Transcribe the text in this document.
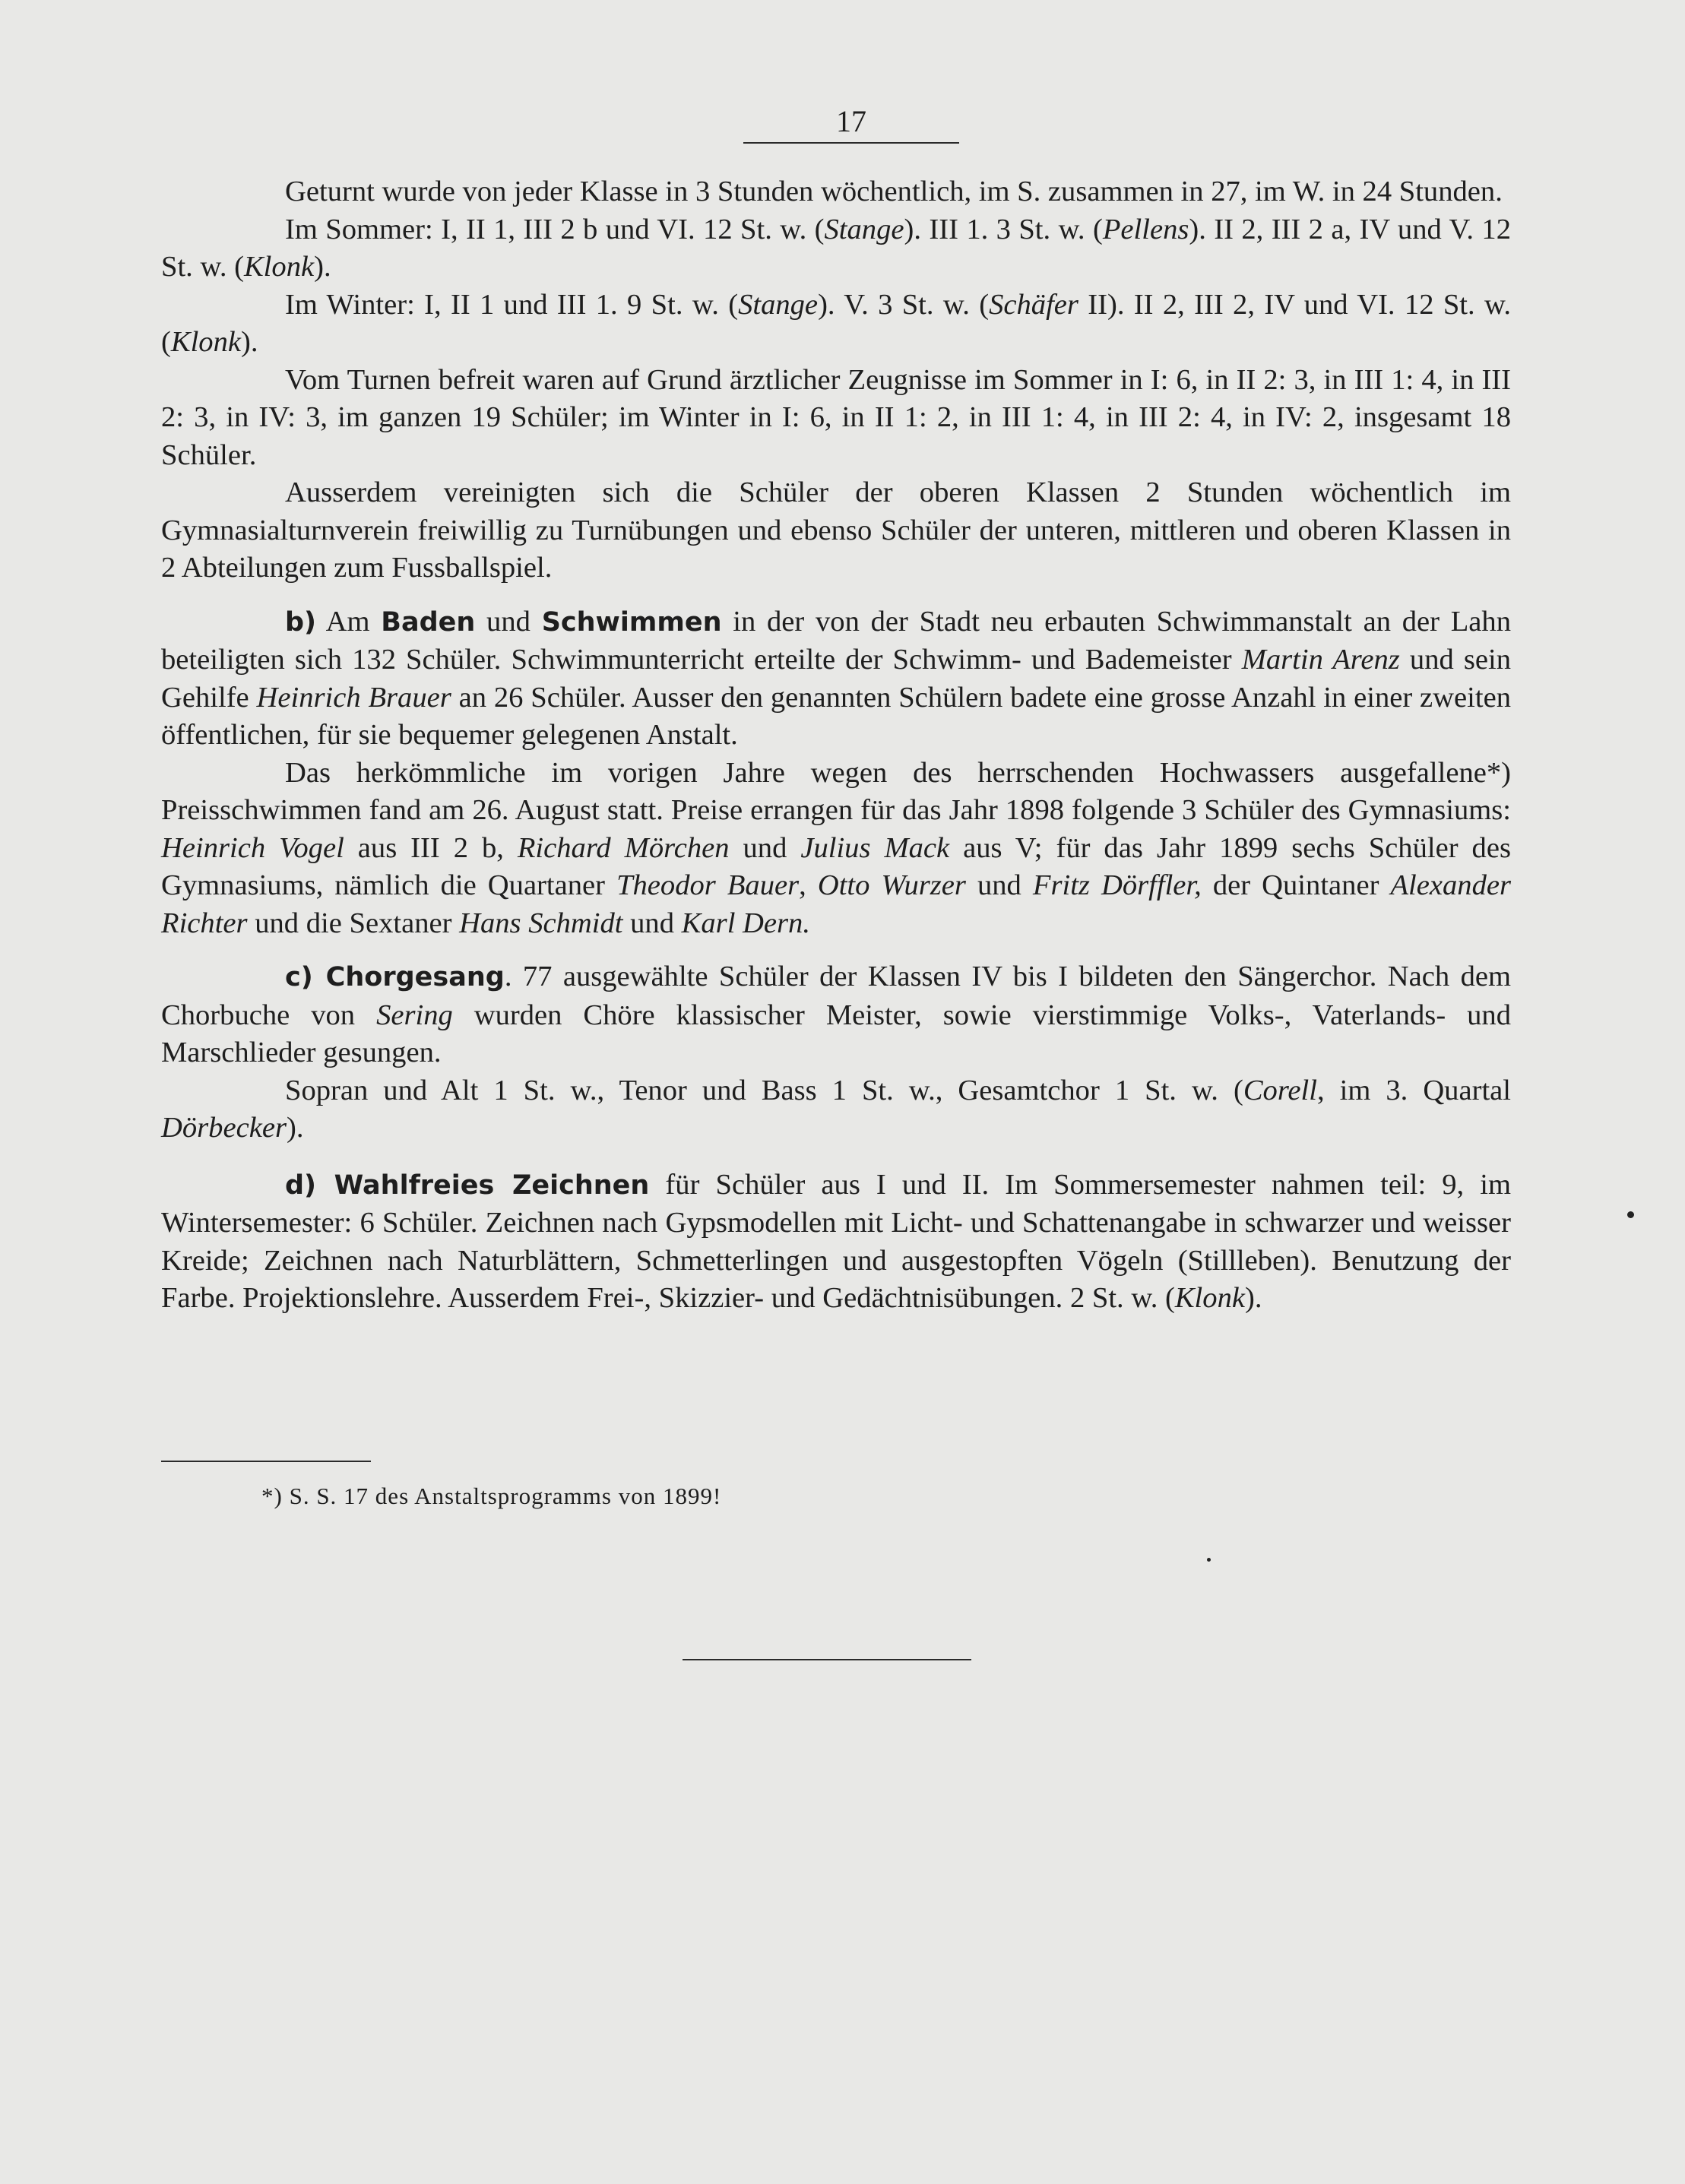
17

Geturnt wurde von jeder Klasse in 3 Stunden wöchentlich, im S. zusammen in 27, im W. in 24 Stunden.

Im Sommer: I, II 1, III 2 b und VI. 12 St. w. (Stange). III 1. 3 St. w. (Pellens). II 2, III 2 a, IV und V. 12 St. w. (Klonk).

Im Winter: I, II 1 und III 1. 9 St. w. (Stange). V. 3 St. w. (Schäfer II). II 2, III 2, IV und VI. 12 St. w. (Klonk).

Vom Turnen befreit waren auf Grund ärztlicher Zeugnisse im Sommer in I: 6, in II 2: 3, in III 1: 4, in III 2: 3, in IV: 3, im ganzen 19 Schüler; im Winter in I: 6, in II 1: 2, in III 1: 4, in III 2: 4, in IV: 2, insgesamt 18 Schüler.

Ausserdem vereinigten sich die Schüler der oberen Klassen 2 Stunden wöchentlich im Gymnasialturnverein freiwillig zu Turnübungen und ebenso Schüler der unteren, mittleren und oberen Klassen in 2 Abteilungen zum Fussballspiel.

b) Am Baden und Schwimmen in der von der Stadt neu erbauten Schwimmanstalt an der Lahn beteiligten sich 132 Schüler. Schwimmunterricht erteilte der Schwimm- und Bademeister Martin Arenz und sein Gehilfe Heinrich Brauer an 26 Schüler. Ausser den genannten Schülern badete eine grosse Anzahl in einer zweiten öffentlichen, für sie bequemer gelegenen Anstalt.

Das herkömmliche im vorigen Jahre wegen des herrschenden Hochwassers ausgefallene*) Preisschwimmen fand am 26. August statt. Preise errangen für das Jahr 1898 folgende 3 Schüler des Gymnasiums: Heinrich Vogel aus III 2 b, Richard Mörchen und Julius Mack aus V; für das Jahr 1899 sechs Schüler des Gymnasiums, nämlich die Quartaner Theodor Bauer, Otto Wurzer und Fritz Dörffler, der Quintaner Alexander Richter und die Sextaner Hans Schmidt und Karl Dern.

c) Chorgesang. 77 ausgewählte Schüler der Klassen IV bis I bildeten den Sängerchor. Nach dem Chorbuche von Sering wurden Chöre klassischer Meister, sowie vierstimmige Volks-, Vaterlands- und Marschlieder gesungen.

Sopran und Alt 1 St. w., Tenor und Bass 1 St. w., Gesamtchor 1 St. w. (Corell, im 3. Quartal Dörbecker).

d) Wahlfreies Zeichnen für Schüler aus I und II. Im Sommersemester nahmen teil: 9, im Wintersemester: 6 Schüler. Zeichnen nach Gypsmodellen mit Licht- und Schattenangabe in schwarzer und weisser Kreide; Zeichnen nach Naturblättern, Schmetterlingen und ausgestopften Vögeln (Stillleben). Benutzung der Farbe. Projektionslehre. Ausserdem Frei-, Skizzier- und Gedächtnisübungen. 2 St. w. (Klonk).

*) S. S. 17 des Anstaltsprogramms von 1899!
